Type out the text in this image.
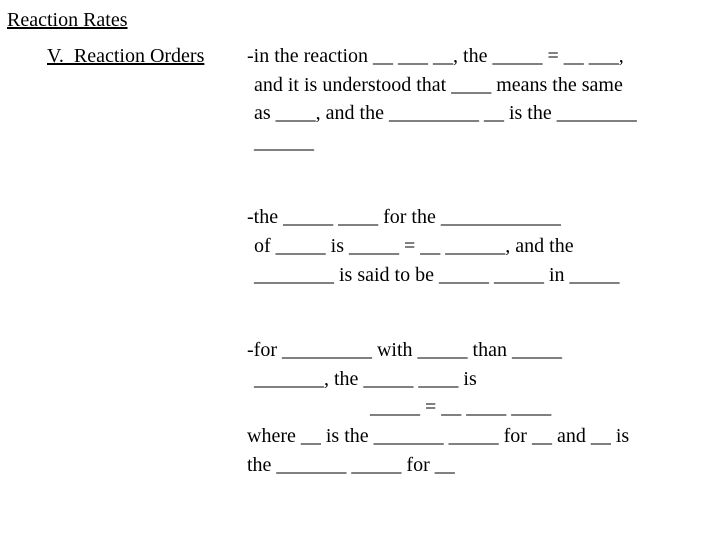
Reaction Rates
V.  Reaction Orders -in the reaction __ ___ __, the _____ = __ ___,
and it is understood that ____ means the same
as ____, and the _________ __ is the ________
______
-the _____ ____ for the ____________
of _____ is _____ = __ ______, and the
________ is said to be _____ _____ in _____
-for _________ with _____ than _____
_______, the _____ ____ is
_____ = __ ____ ____
where __ is the _______ _____ for __ and __ is
the _______ _____ for __
